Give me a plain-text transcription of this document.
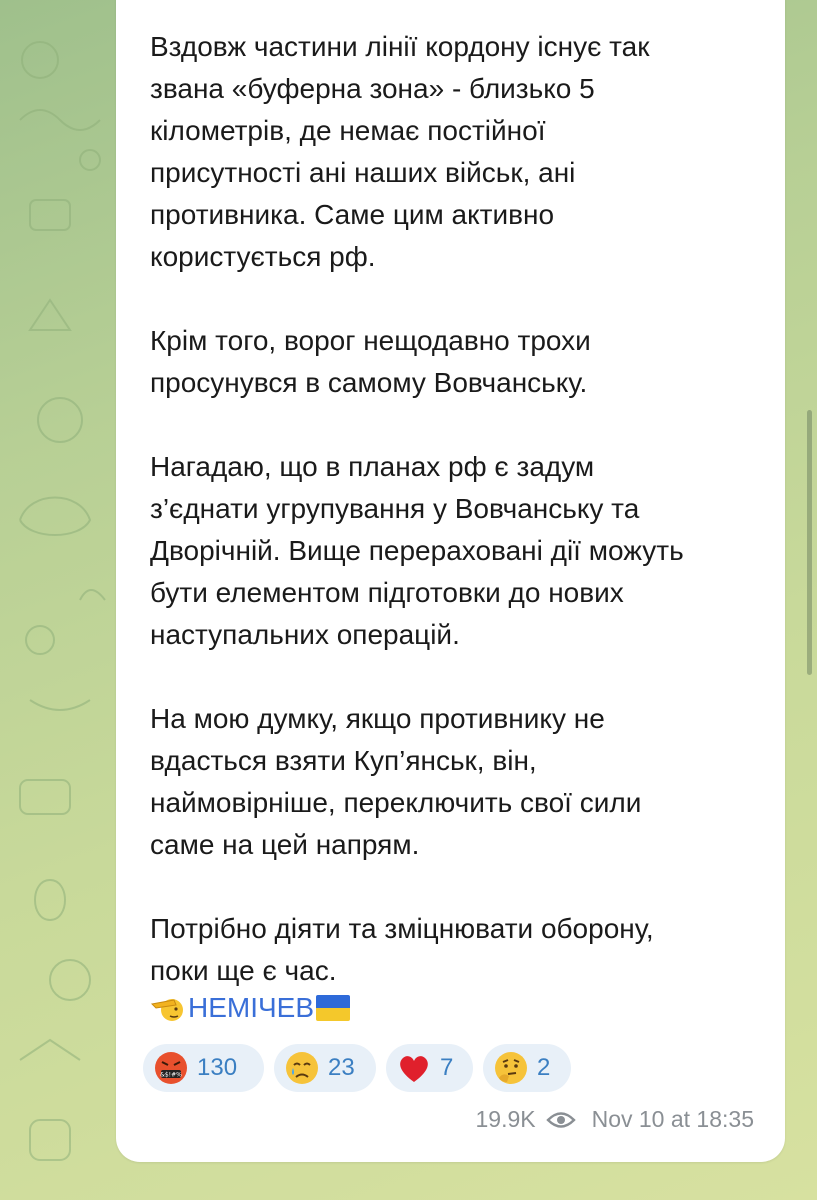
Вздовж частини лінії кордону існує так
звана «буферна зона» - близько 5
кілометрів, де немає постійної
присутності ані наших військ, ані
противника. Саме цим активно
користується рф.

Крім того, ворог нещодавно трохи
просунувся в самому Вовчанську.

Нагадаю, що в планах рф є задум
з’єднати угрупування у Вовчанську та
Дворічній. Вище перераховані дії можуть
бути елементом підготовки до нових
наступальних операцій.

На мою думку, якщо противнику не
вдасться взяти Куп’янськ, він,
наймовірніше, переключить свої сили
саме на цей напрям.

Потрібно діяти та зміцнювати оборону,
поки ще є час.

НЕМІЧЕВ
&$!#% 130	23	7	2
19.9K Nov 10 at 18:35
